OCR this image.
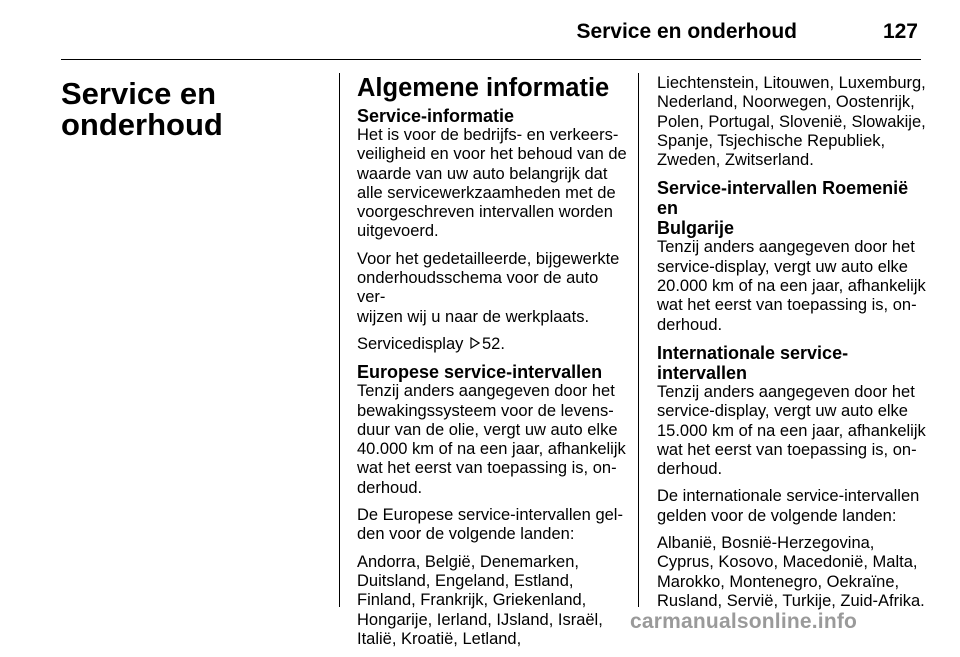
Service en onderhoud	127
Service en onderhoud
Algemene informatie
Service-informatie

Het is voor de bedrijfs- en verkeers-
veiligheid en voor het behoud van de
waarde van uw auto belangrijk dat
alle servicewerkzaamheden met de
voorgeschreven intervallen worden
uitgevoerd.

Voor het gedetailleerde, bijgewerkte
onderhoudsschema voor de auto ver-
wijzen wij u naar de werkplaats.

Servicedisplay 52.

Europese service-intervallen

Tenzij anders aangegeven door het
bewakingssysteem voor de levens-
duur van de olie, vergt uw auto elke
40.000 km of na een jaar, afhankelijk
wat het eerst van toepassing is, on-
derhoud.

De Europese service-intervallen gel-
den voor de volgende landen:

Andorra, België, Denemarken,
Duitsland, Engeland, Estland,
Finland, Frankrijk, Griekenland,
Hongarije, Ierland, IJsland, Israël,
Italië, Kroatië, Letland,

Liechtenstein, Litouwen, Luxemburg,
Nederland, Noorwegen, Oostenrijk,
Polen, Portugal, Slovenië, Slowakije,
Spanje, Tsjechische Republiek,
Zweden, Zwitserland.

Service-intervallen Roemenië en
Bulgarije

Tenzij anders aangegeven door het
service-display, vergt uw auto elke
20.000 km of na een jaar, afhankelijk
wat het eerst van toepassing is, on-
derhoud.

Internationale service-intervallen

Tenzij anders aangegeven door het
service-display, vergt uw auto elke
15.000 km of na een jaar, afhankelijk
wat het eerst van toepassing is, on-
derhoud.

De internationale service-intervallen
gelden voor de volgende landen:

Albanië, Bosnië-Herzegovina,
Cyprus, Kosovo, Macedonië, Malta,
Marokko, Montenegro, Oekraïne,
Rusland, Servië, Turkije, Zuid-Afrika.

carmanualsonline.info
